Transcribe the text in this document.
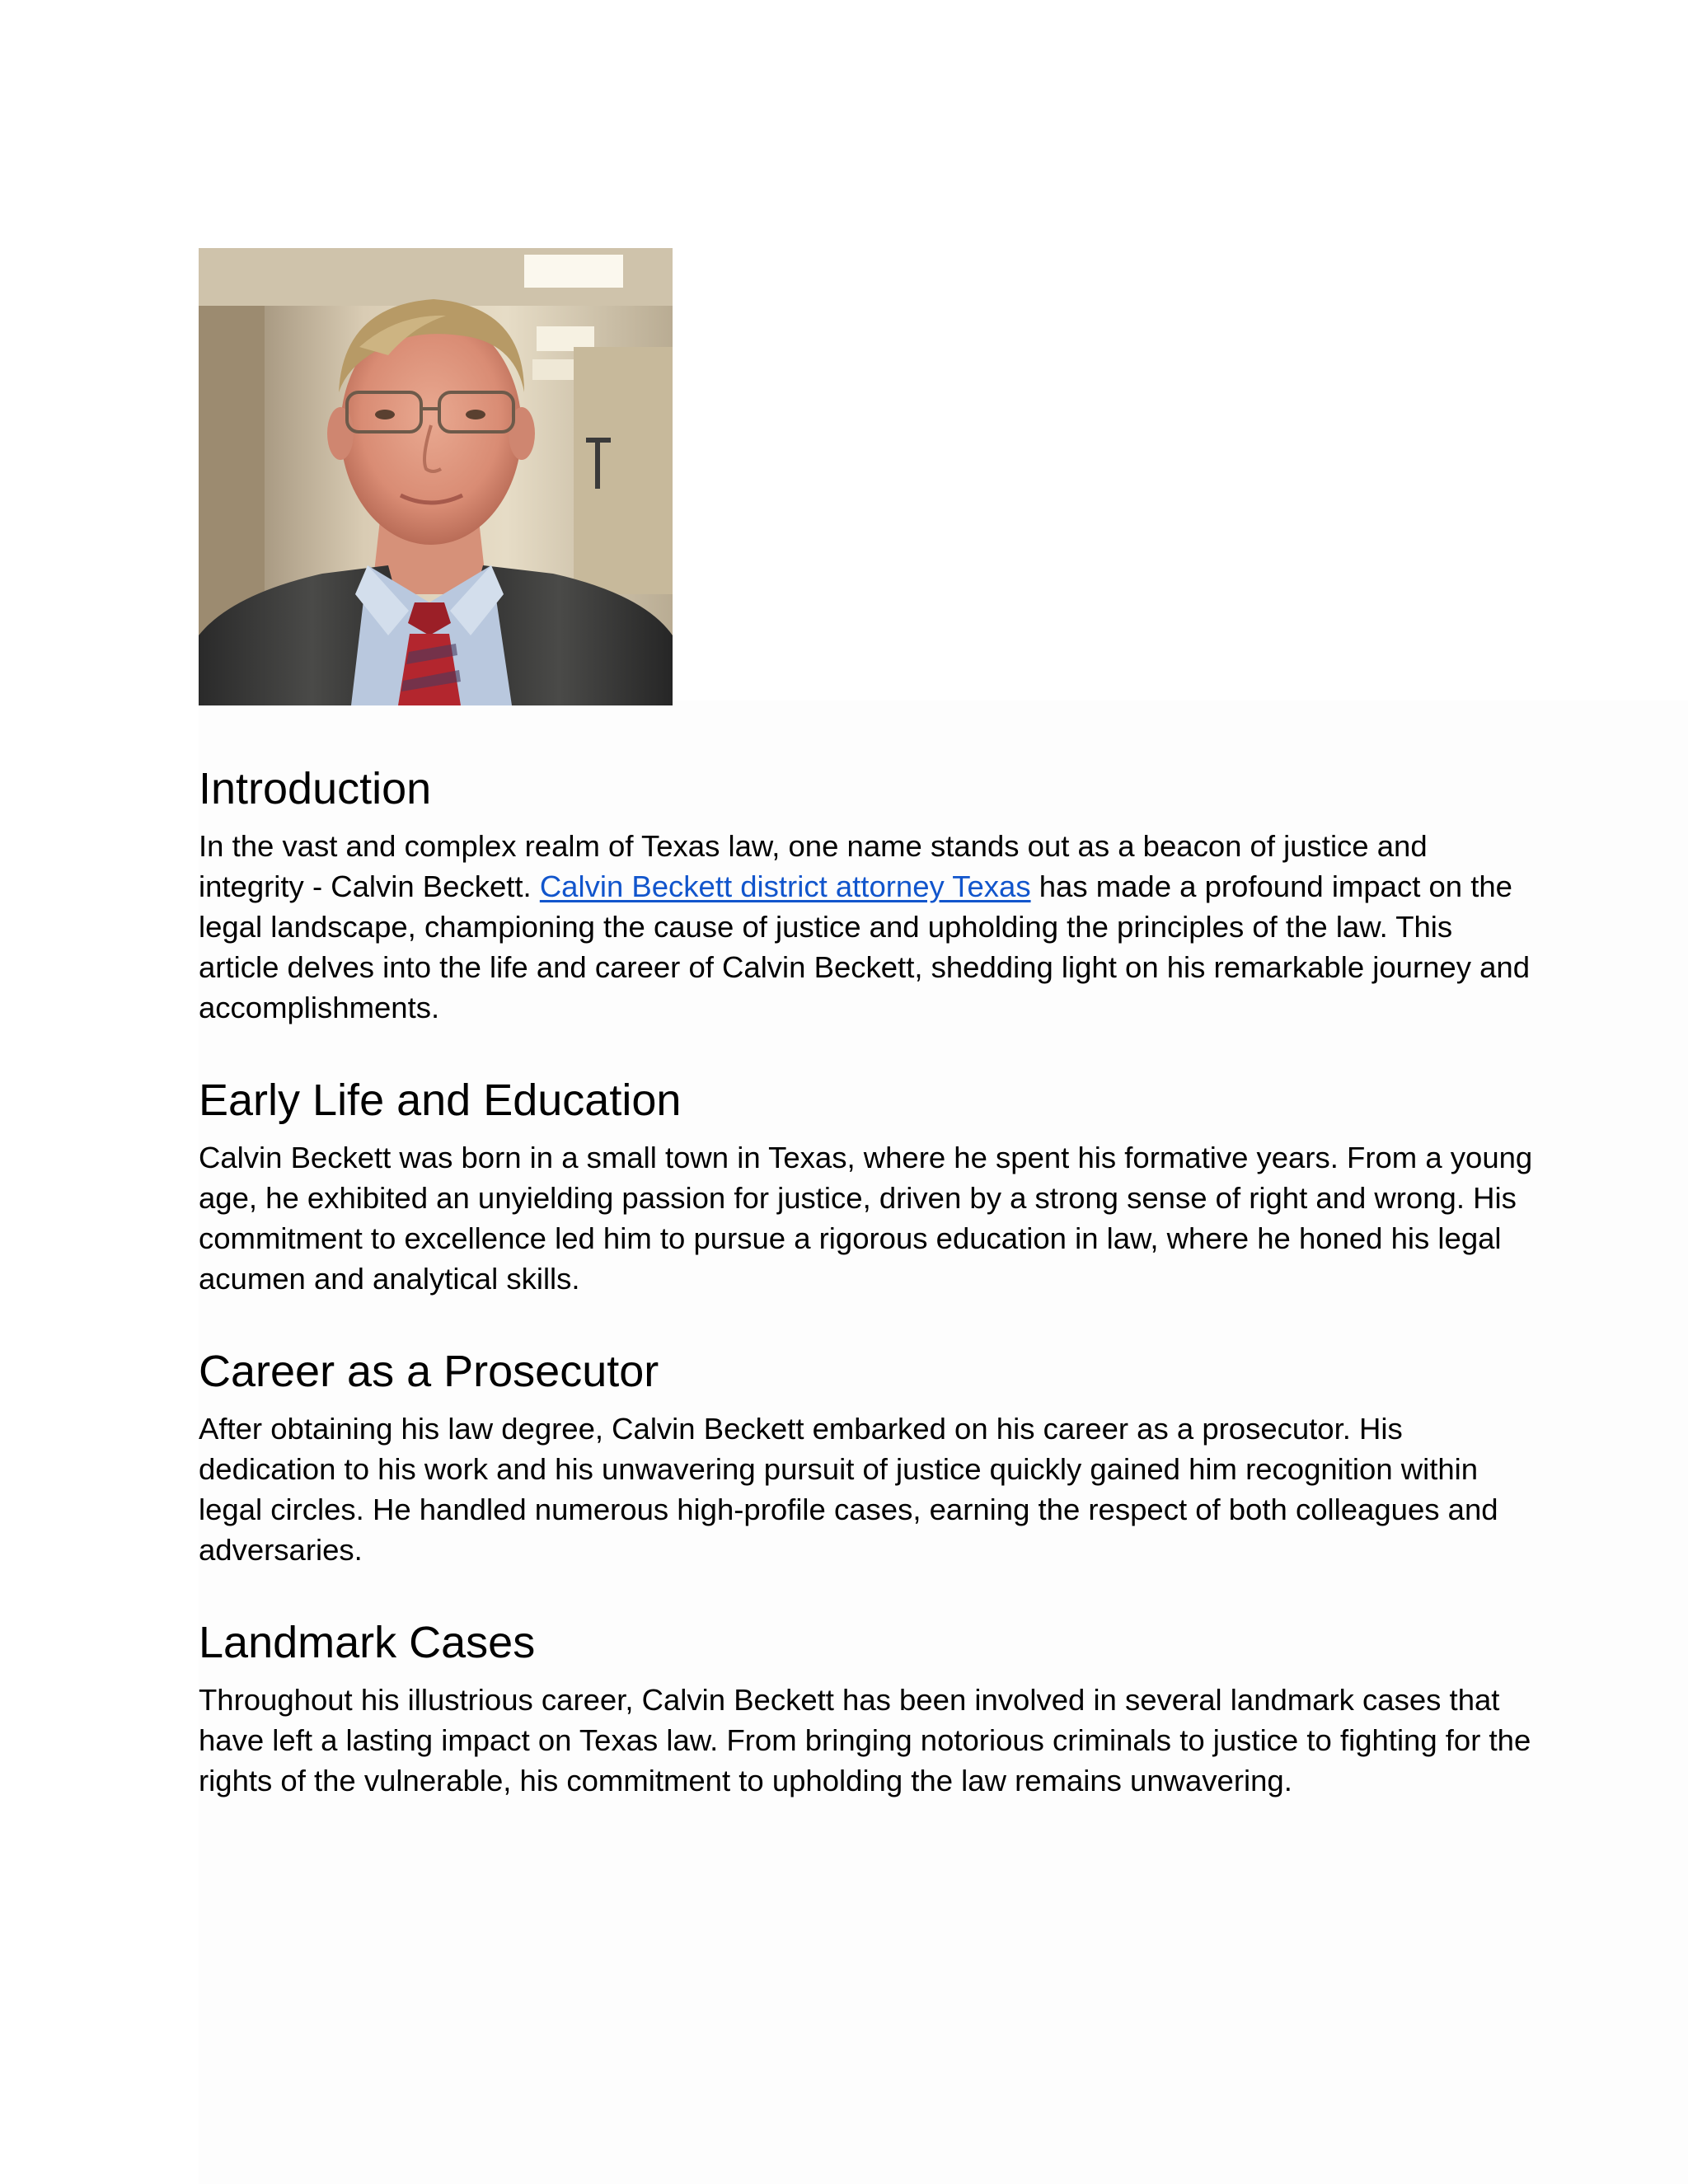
Introduction

In the vast and complex realm of Texas law, one name stands out as a beacon of justice and integrity - Calvin Beckett. Calvin Beckett district attorney Texas has made a profound impact on the legal landscape, championing the cause of justice and upholding the principles of the law. This article delves into the life and career of Calvin Beckett, shedding light on his remarkable journey and accomplishments.

Early Life and Education

Calvin Beckett was born in a small town in Texas, where he spent his formative years. From a young age, he exhibited an unyielding passion for justice, driven by a strong sense of right and wrong. His commitment to excellence led him to pursue a rigorous education in law, where he honed his legal acumen and analytical skills.

Career as a Prosecutor

After obtaining his law degree, Calvin Beckett embarked on his career as a prosecutor. His dedication to his work and his unwavering pursuit of justice quickly gained him recognition within legal circles. He handled numerous high-profile cases, earning the respect of both colleagues and adversaries.

Landmark Cases

Throughout his illustrious career, Calvin Beckett has been involved in several landmark cases that have left a lasting impact on Texas law. From bringing notorious criminals to justice to fighting for the rights of the vulnerable, his commitment to upholding the law remains unwavering.
